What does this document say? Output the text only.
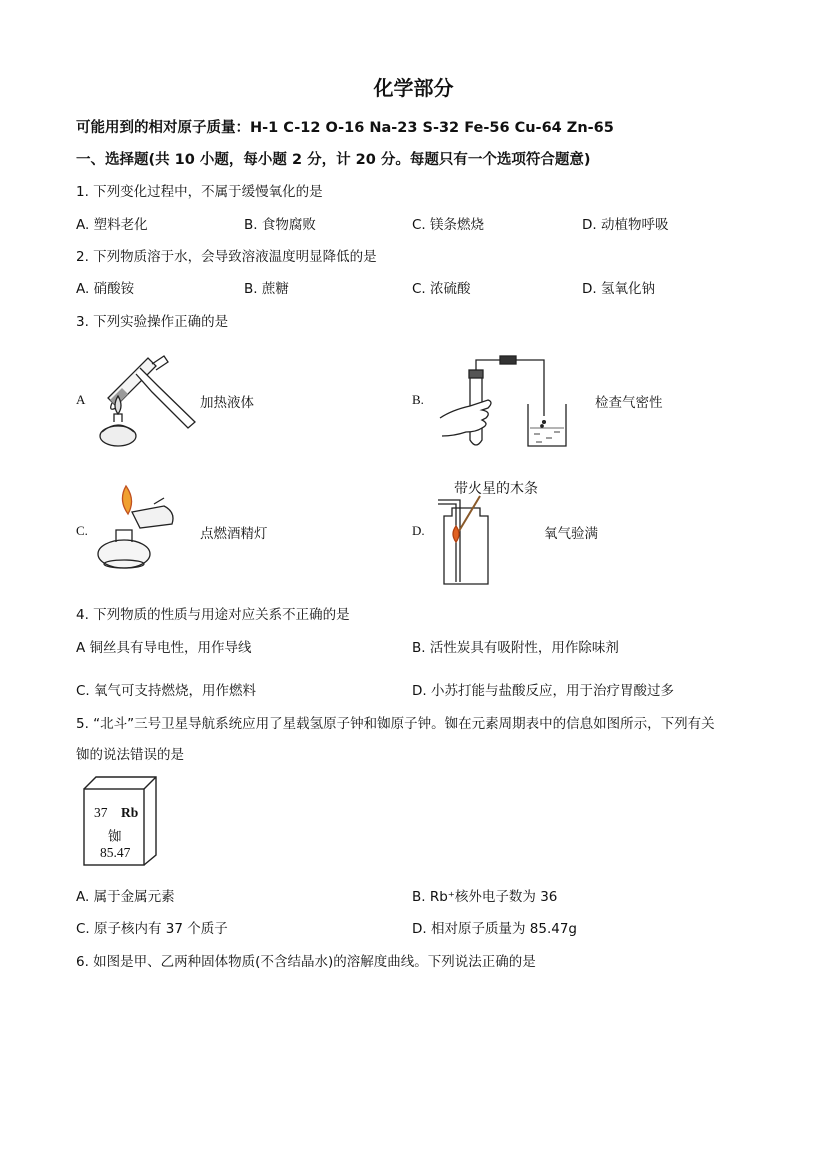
化学部分
可能用到的相对原子质量：H-1 C-12 O-16 Na-23 S-32 Fe-56 Cu-64 Zn-65
一、选择题(共 10 小题，每小题 2 分，计 20 分。每题只有一个选项符合题意)
1. 下列变化过程中，不属于缓慢氧化的是
A. 塑料老化	B. 食物腐败	C. 镁条燃烧	D. 动植物呼吸
2. 下列物质溶于水，会导致溶液温度明显降低的是
A. 硝酸铵	B. 蔗糖	C. 浓硫酸	D. 氢氧化钠
3. 下列实验操作正确的是
A	加热液体	B.	检查气密性
C.	点燃酒精灯	D.
带火星的木条
氧气验满
4. 下列物质的性质与用途对应关系不正确的是
A 铜丝具有导电性，用作导线	B. 活性炭具有吸附性，用作除味剂
C. 氧气可支持燃烧，用作燃料	D. 小苏打能与盐酸反应，用于治疗胃酸过多
5. “北斗”三号卫星导航系统应用了星载氢原子钟和铷原子钟。铷在元素周期表中的信息如图所示，下列有关
铷的说法错误的是
37 Rb
铷
85.47
A. 属于金属元素	B. Rb⁺核外电子数为 36
C. 原子核内有 37 个质子	D. 相对原子质量为 85.47g
6. 如图是甲、乙两种固体物质(不含结晶水)的溶解度曲线。下列说法正确的是
